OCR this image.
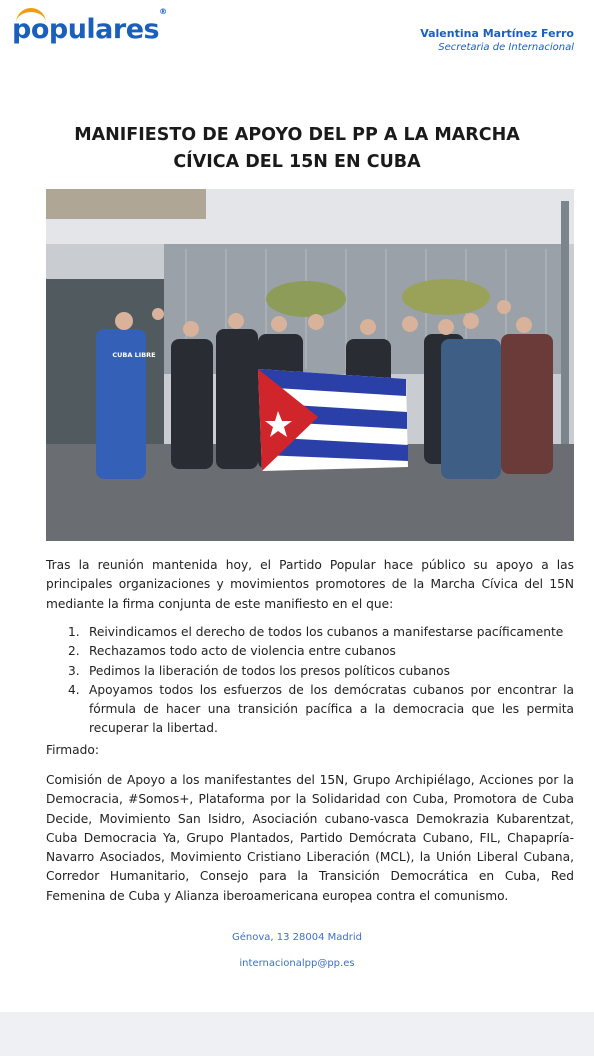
populares®
Valentina Martínez Ferro
Secretaria de Internacional
MANIFIESTO DE APOYO DEL PP A LA MARCHA CÍVICA DEL 15N EN CUBA
CUBA LIBRE
Tras la reunión mantenida hoy, el Partido Popular hace público su apoyo a las principales organizaciones y movimientos promotores de la Marcha Cívica del 15N mediante la firma conjunta de este manifiesto en el que:
1. Reivindicamos el derecho de todos los cubanos a manifestarse pacíficamente
2. Rechazamos todo acto de violencia entre cubanos
3. Pedimos la liberación de todos los presos políticos cubanos
4. Apoyamos todos los esfuerzos de los demócratas cubanos por encontrar la fórmula de hacer una transición pacífica a la democracia que les permita recuperar la libertad.
Firmado:
Comisión de Apoyo a los manifestantes del 15N, Grupo Archipiélago, Acciones por la Democracia, #Somos+, Plataforma por la Solidaridad con Cuba, Promotora de Cuba Decide, Movimiento San Isidro, Asociación cubano-vasca Demokrazia Kubarentzat, Cuba Democracia Ya, Grupo Plantados, Partido Demócrata Cubano, FIL, Chapapría-Navarro Asociados, Movimiento Cristiano Liberación (MCL), la Unión Liberal Cubana, Corredor Humanitario, Consejo para la Transición Democrática en Cuba, Red Femenina de Cuba y Alianza iberoamericana europea contra el comunismo.
Génova, 13 28004 Madrid
internacionalpp@pp.es
